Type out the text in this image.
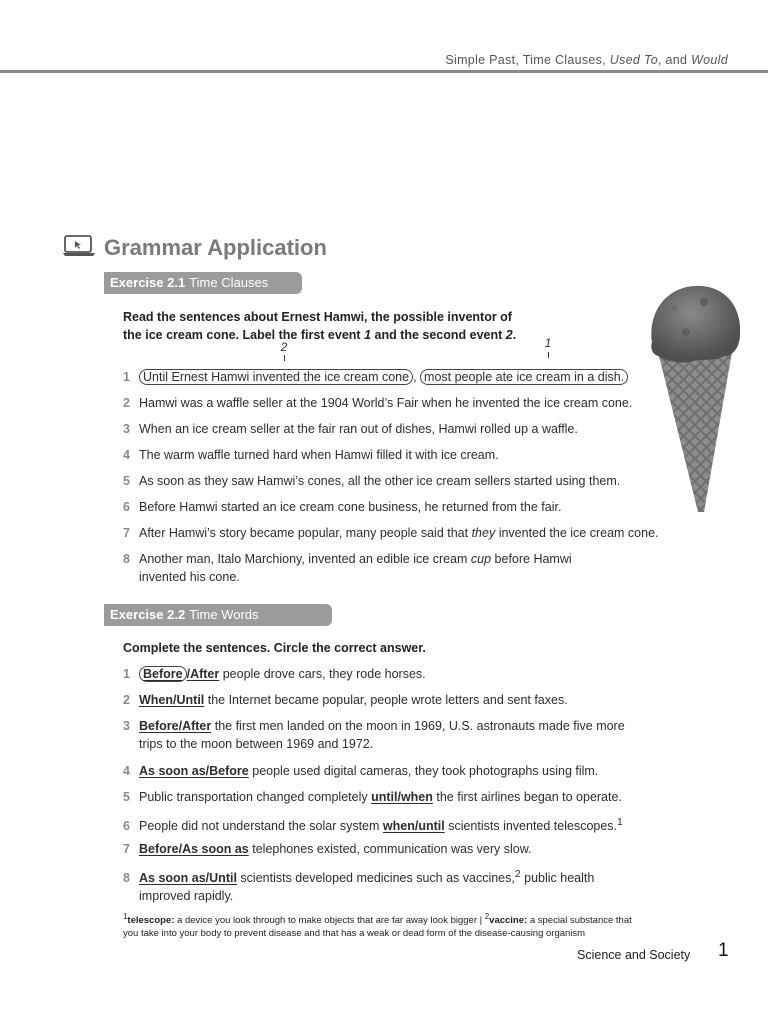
Simple Past, Time Clauses, Used To, and Would
Grammar Application
Exercise 2.1 Time Clauses
Read the sentences about Ernest Hamwi, the possible inventor of
the ice cream cone. Label the first event 1 and the second event 2.
2	1
1 Until Ernest Hamwi invented the ice cream cone , most people ate ice cream in a dish.
2 Hamwi was a waffle seller at the 1904 World’s Fair when he invented the ice cream cone.
3 When an ice cream seller at the fair ran out of dishes, Hamwi rolled up a waffle.
4 The warm waffle turned hard when Hamwi filled it with ice cream.
5 As soon as they saw Hamwi’s cones, all the other ice cream sellers started using them.
6 Before Hamwi started an ice cream cone business, he returned from the fair.
7 After Hamwi’s story became popular, many people said that they invented the ice cream cone.
8 Another man, Italo Marchiony, invented an edible ice cream cup before Hamwi
invented his cone.
Exercise 2.2 Time Words
Complete the sentences. Circle the correct answer.
1 Before /After people drove cars, they rode horses.
2 When/Until the Internet became popular, people wrote letters and sent faxes.
3 Before/After the first men landed on the moon in 1969, U.S. astronauts made five more
trips to the moon between 1969 and 1972.
4 As soon as/Before people used digital cameras, they took photographs using film.
5 Public transportation changed completely until/when the first airlines began to operate.
6 People did not understand the solar system when/until scientists invented telescopes.$^1$
7 Before/As soon as telephones existed, communication was very slow.
8 As soon as/Until scientists developed medicines such as vaccines,$^2$ public health
improved rapidly.
$^1$telescope: a device you look through to make objects that are far away look bigger | $^2$vaccine: a special substance that
you take into your body to prevent disease and that has a weak or dead form of the disease-causing organism
Science and Society 1
